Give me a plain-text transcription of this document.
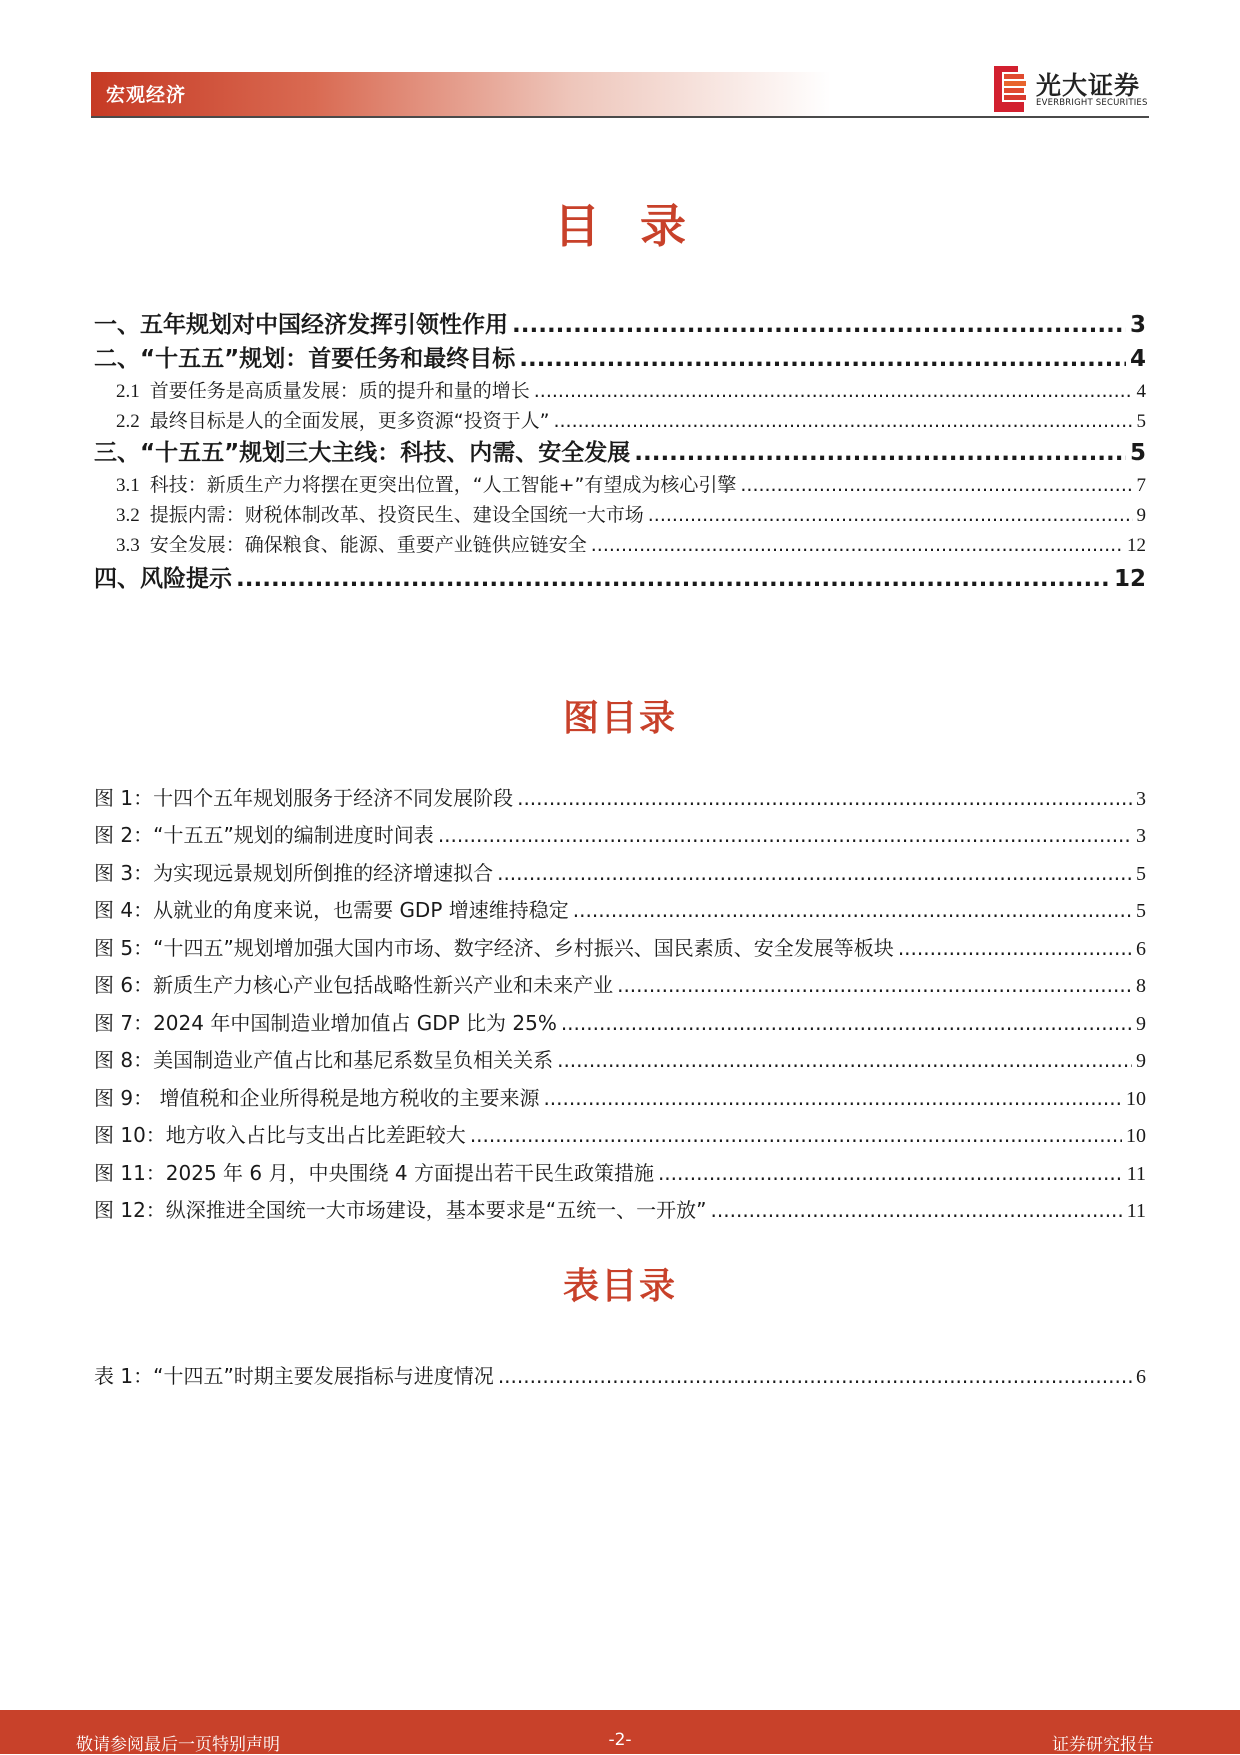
宏观经济	光大证券
EVERBRIGHT SECURITIES
目录
一、五年规划对中国经济发挥引领性作用 .....	3
二、“十五五”规划：首要任务和最终目标 .....	4
2.1 首要任务是高质量发展：质的提升和量的增长 .....	4
2.2 最终目标是人的全面发展，更多资源“投资于人” .....	5
三、“十五五”规划三大主线：科技、内需、安全发展 .....	5
3.1 科技：新质生产力将摆在更突出位置，“人工智能+”有望成为核心引擎 .....	7
3.2 提振内需：财税体制改革、投资民生、建设全国统一大市场 .....	9
3.3 安全发展：确保粮食、能源、重要产业链供应链安全 .....	12
四、风险提示 .....	12
图目录
图 1：十四个五年规划服务于经济不同发展阶段 .....	3
图 2：“十五五”规划的编制进度时间表 .....	3
图 3：为实现远景规划所倒推的经济增速拟合 .....	5
图 4：从就业的角度来说，也需要 GDP 增速维持稳定 .....	5
图 5：“十四五”规划增加强大国内市场、数字经济、乡村振兴、国民素质、安全发展等板块 .....	6
图 6：新质生产力核心产业包括战略性新兴产业和未来产业 .....	8
图 7：2024 年中国制造业增加值占 GDP 比为 25% .....	9
图 8：美国制造业产值占比和基尼系数呈负相关关系 .....	9
图 9： 增值税和企业所得税是地方税收的主要来源 .....	10
图 10：地方收入占比与支出占比差距较大 .....	10
图 11：2025 年 6 月，中央围绕 4 方面提出若干民生政策措施 .....	11
图 12：纵深推进全国统一大市场建设，基本要求是“五统一、一开放” .....	11
表目录
表 1：“十四五”时期主要发展指标与进度情况 .....	6
敬请参阅最后一页特别声明	-2-	证券研究报告
